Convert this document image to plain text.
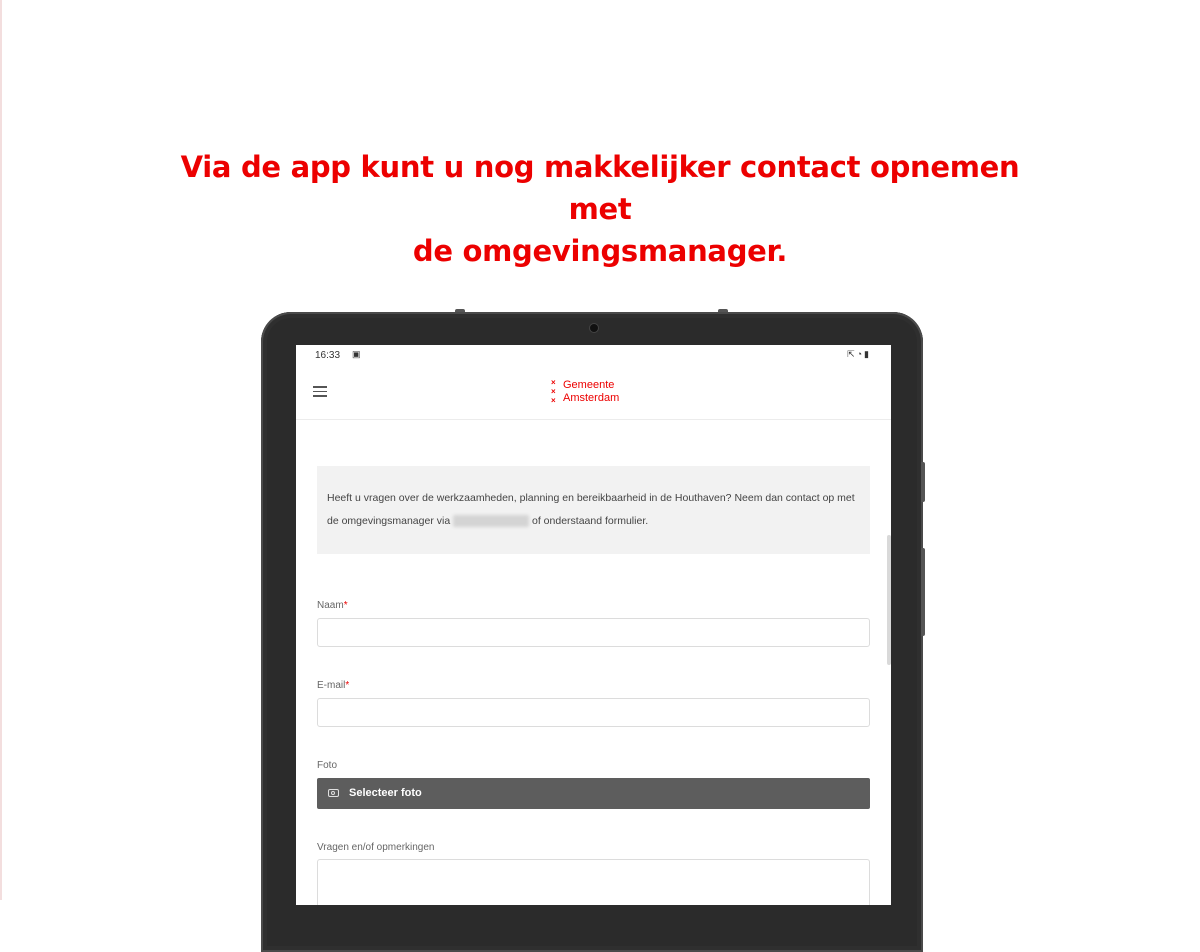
Via de app kunt u nog makkelijker contact opnemen met
de omgevingsmanager.
16:33 ▣	⇱◔▮
×
×
×
Gemeente
Amsterdam

Heeft u vragen over de werkzaamheden, planning en bereikbaarheid in de Houthaven? Neem dan contact op met de omgevingsmanager via	of onderstaand formulier.

Naam*
E-mail*
Foto
Selecteer foto
Vragen en/of opmerkingen
